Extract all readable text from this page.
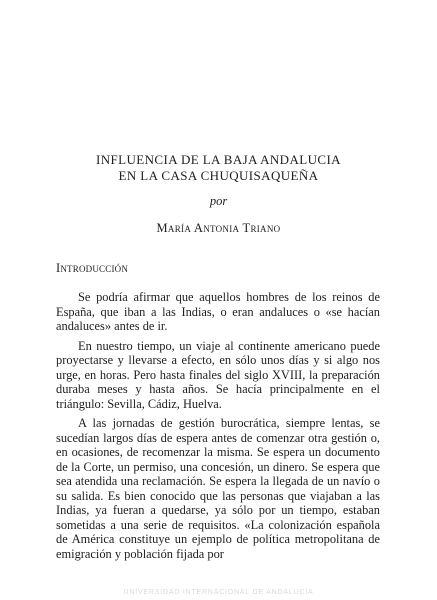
INFLUENCIA DE LA BAJA ANDALUCIA
EN LA CASA CHUQUISAQUEÑA
por
María Antonia Triano
Introducción

Se podría afirmar que aquellos hombres de los reinos de España, que iban a las Indias, o eran andaluces o «se hacían andaluces» antes de ir.

En nuestro tiempo, un viaje al continente americano puede proyectarse y llevarse a efecto, en sólo unos días y si algo nos urge, en horas. Pero hasta finales del siglo XVIII, la preparación duraba meses y hasta años. Se hacía principalmente en el triángulo: Sevilla, Cádiz, Huelva.

A las jornadas de gestión burocrática, siempre lentas, se sucedían largos días de espera antes de comenzar otra gestión o, en ocasiones, de recomenzar la misma. Se espera un documento de la Corte, un permiso, una concesión, un dinero. Se espera que sea atendida una reclamación. Se espera la llegada de un navío o su salida. Es bien conocido que las personas que viajaban a las Indias, ya fueran a quedarse, ya sólo por un tiempo, estaban sometidas a una serie de requisitos. «La colonización española de América constituye un ejemplo de política metropolitana de emigración y población fijada por

UNIVERSIDAD INTERNACIONAL DE ANDALUCÍA
